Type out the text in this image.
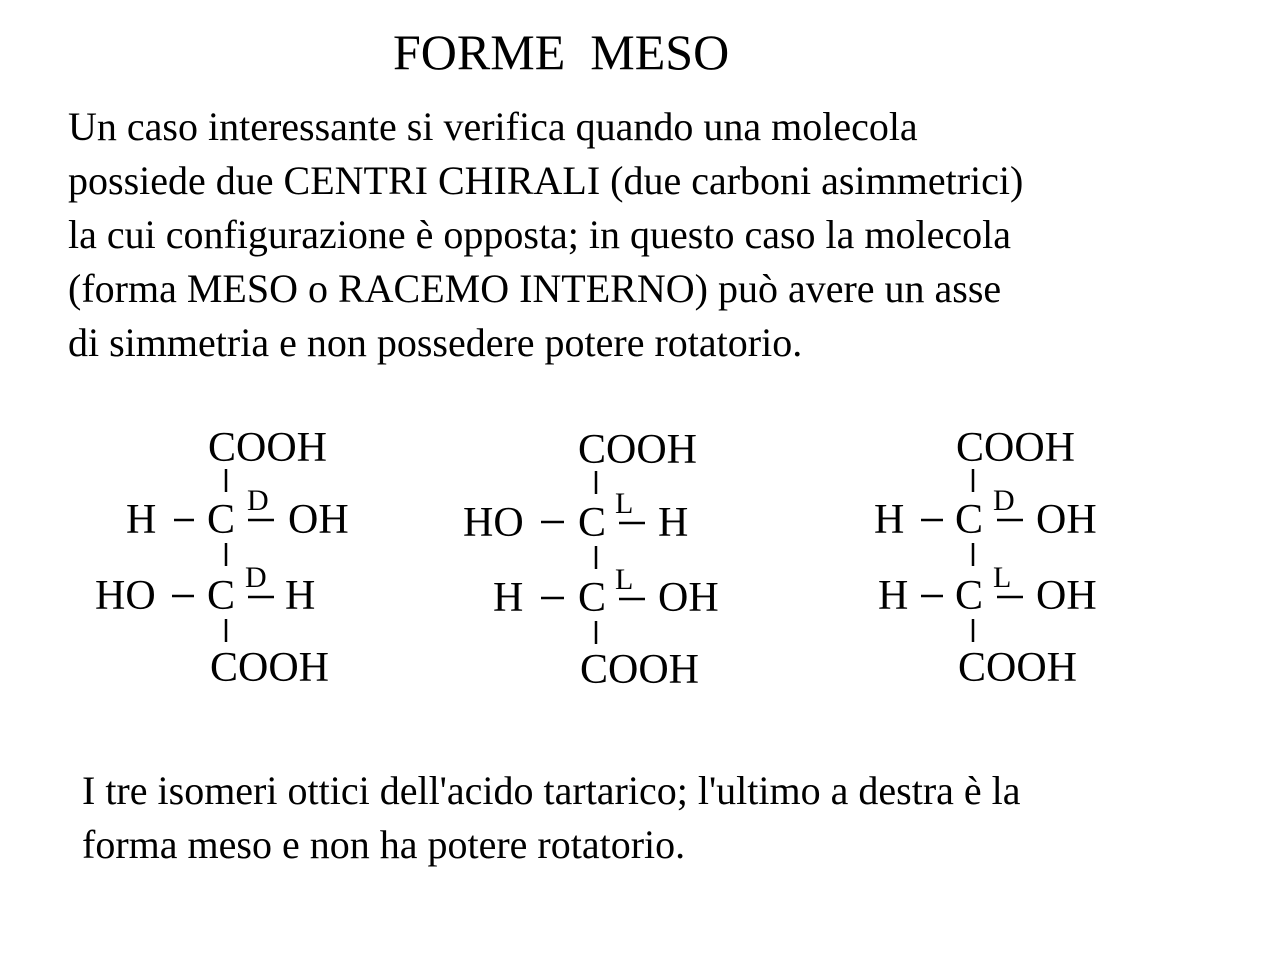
FORME  MESO
Un caso interessante si verifica quando una molecola
possiede due CENTRI CHIRALI (due carboni asimmetrici)
la cui configurazione è opposta; in questo caso la molecola
(forma MESO o RACEMO INTERNO) può avere un asse
di simmetria e non possedere potere rotatorio.
COOH
H C D OH
HO C D H
COOH
COOH
HO C L H
H C L OH
COOH
COOH
H C D OH
H C L OH
COOH
I tre isomeri ottici dell'acido tartarico; l'ultimo a destra è la
forma meso e non ha potere rotatorio.
